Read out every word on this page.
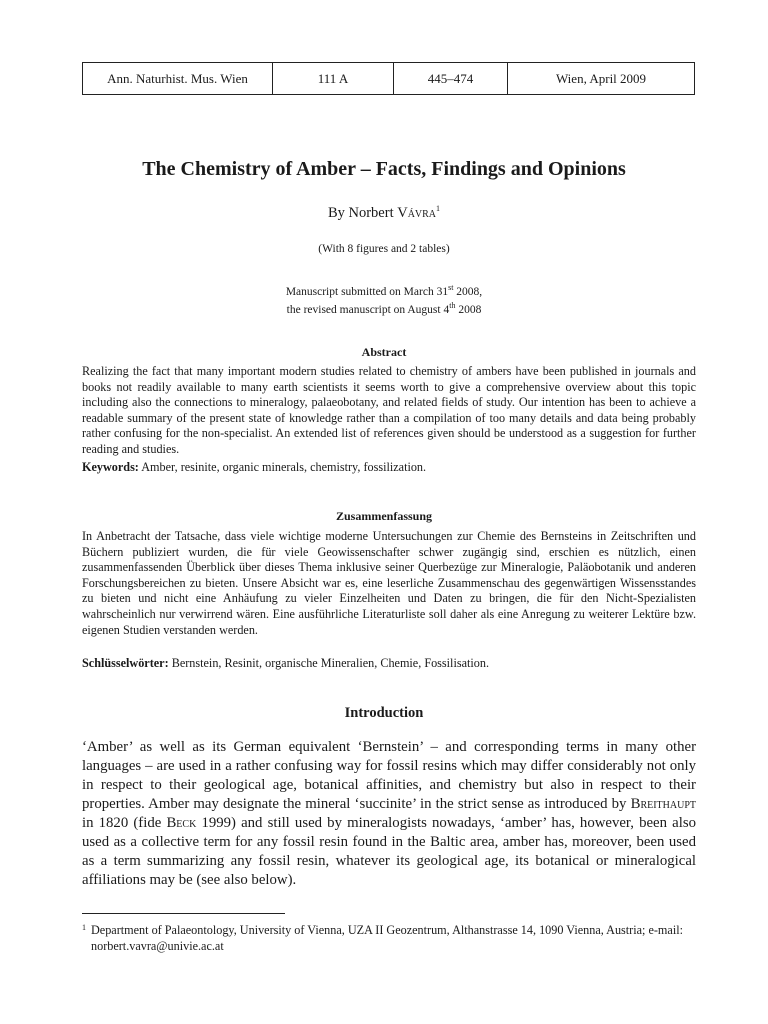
Ann. Naturhist. Mus. Wien	111 A	445–474	Wien, April 2009
The Chemistry of Amber – Facts, Findings and Opinions
By Norbert Vávra$^1$
(With 8 figures and 2 tables)
Manuscript submitted on March 31st 2008,
the revised manuscript on August 4th 2008
Abstract

Realizing the fact that many important modern studies related to chemistry of ambers have been published in journals and books not readily available to many earth scientists it seems worth to give a comprehensive overview about this topic including also the connections to mineralogy, palaeobotany, and related fields of study. Our intention has been to achieve a readable summary of the present state of knowledge rather than a compilation of too many details and data being probably rather confusing for the non-specialist. An extended list of references given should be understood as a suggestion for further reading and studies.

Keywords: Amber, resinite, organic minerals, chemistry, fossilization.

Zusammenfassung

In Anbetracht der Tatsache, dass viele wichtige moderne Untersuchungen zur Chemie des Bernsteins in Zeitschriften und Büchern publiziert wurden, die für viele Geowissenschafter schwer zugängig sind, erschien es nützlich, einen zusammenfassenden Überblick über dieses Thema inklusive seiner Querbezüge zur Mineralogie, Paläobotanik und anderen Forschungsbereichen zu bieten. Unsere Absicht war es, eine leserliche Zusammenschau des gegenwärtigen Wissensstandes zu bieten und nicht eine Anhäufung zu vieler Einzelheiten und Daten zu bringen, die für den Nicht-Spezialisten wahrscheinlich nur verwirrend wären. Eine ausführliche Literaturliste soll daher als eine Anregung zu weiterer Lektüre bzw. eigenen Studien verstanden werden.

Schlüsselwörter: Bernstein, Resinit, organische Mineralien, Chemie, Fossilisation.

Introduction

‘Amber’ as well as its German equivalent ‘Bernstein’ – and corresponding terms in many other languages – are used in a rather confusing way for fossil resins which may differ considerably not only in respect to their geological age, botanical affinities, and chemistry but also in respect to their properties. Amber may designate the mineral ‘succinite’ in the strict sense as introduced by Breithaupt in 1820 (fide Beck 1999) and still used by mineralogists nowadays, ‘amber’ has, however, been also used as a collective term for any fossil resin found in the Baltic area, amber has, moreover, been used as a term summarizing any fossil resin, whatever its geological age, its botanical or mineralogical affiliations may be (see also below).

1 Department of Palaeontology, University of Vienna, UZA II Geozentrum, Althanstrasse 14, 1090 Vienna, Austria; e-mail: norbert.vavra@univie.ac.at
